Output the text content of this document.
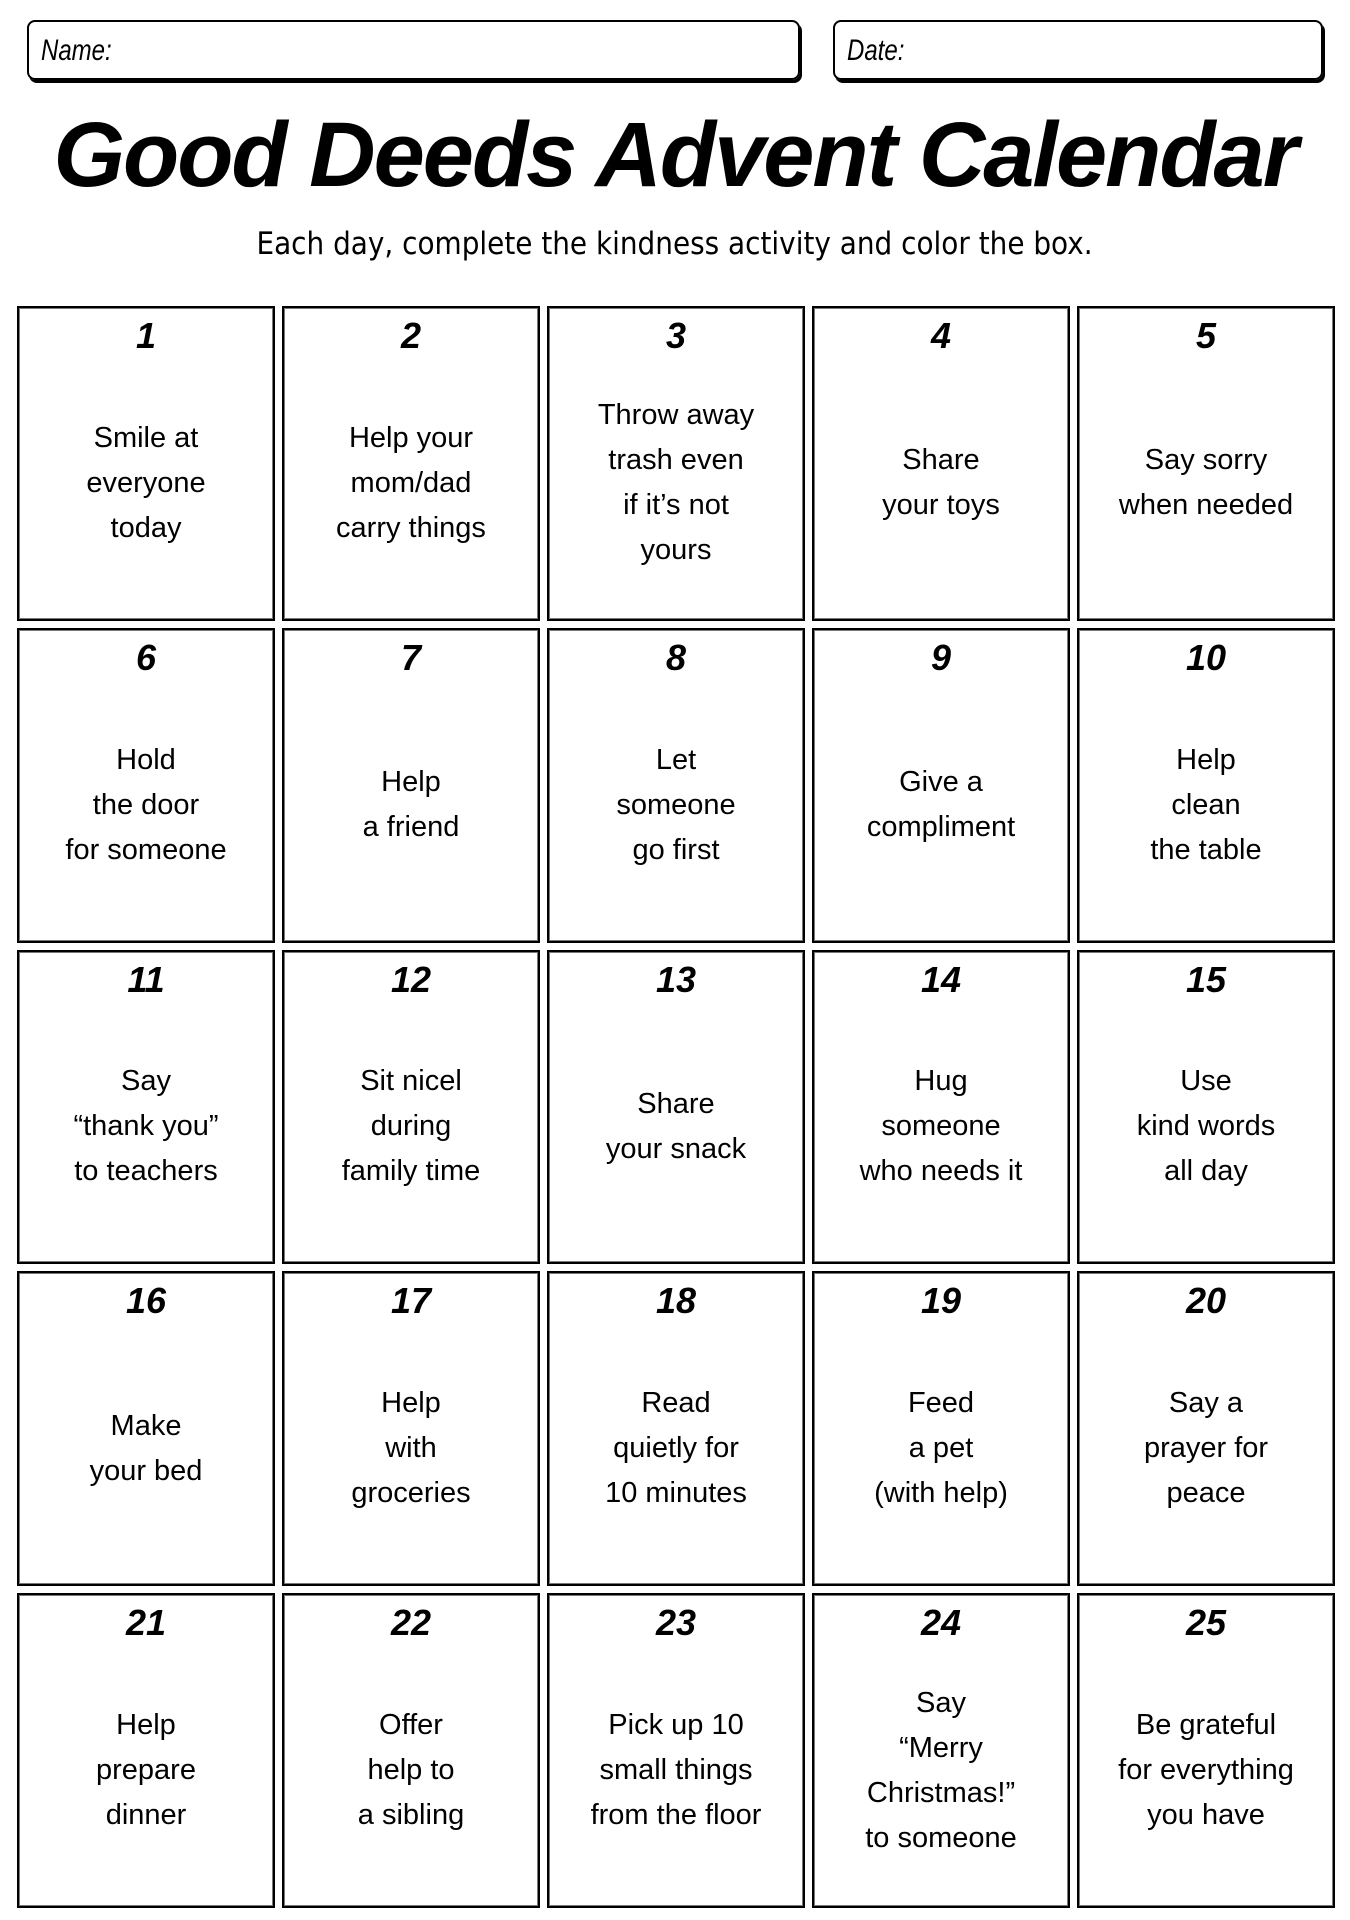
Name:	Date:
Good Deeds Advent Calendar
Each day, complete the kindness activity and color the box.
1
Smile at
everyone
today
2
Help your
mom/dad
carry things
3
Throw away
trash even
if it’s not
yours
4
Share
your toys
5
Say sorry
when needed
6
Hold
the door
for someone
7
Help
a friend
8
Let
someone
go first
9
Give a
compliment
10
Help
clean
the table
11
Say
“thank you”
to teachers
12
Sit nicel
during
family time
13
Share
your snack
14
Hug
someone
who needs it
15
Use
kind words
all day
16
Make
your bed
17
Help
with
groceries
18
Read
quietly for
10 minutes
19
Feed
a pet
(with help)
20
Say a
prayer for
peace
21
Help
prepare
dinner
22
Offer
help to
a sibling
23
Pick up 10
small things
from the floor
24
Say
“Merry
Christmas!”
to someone
25
Be grateful
for everything
you have
